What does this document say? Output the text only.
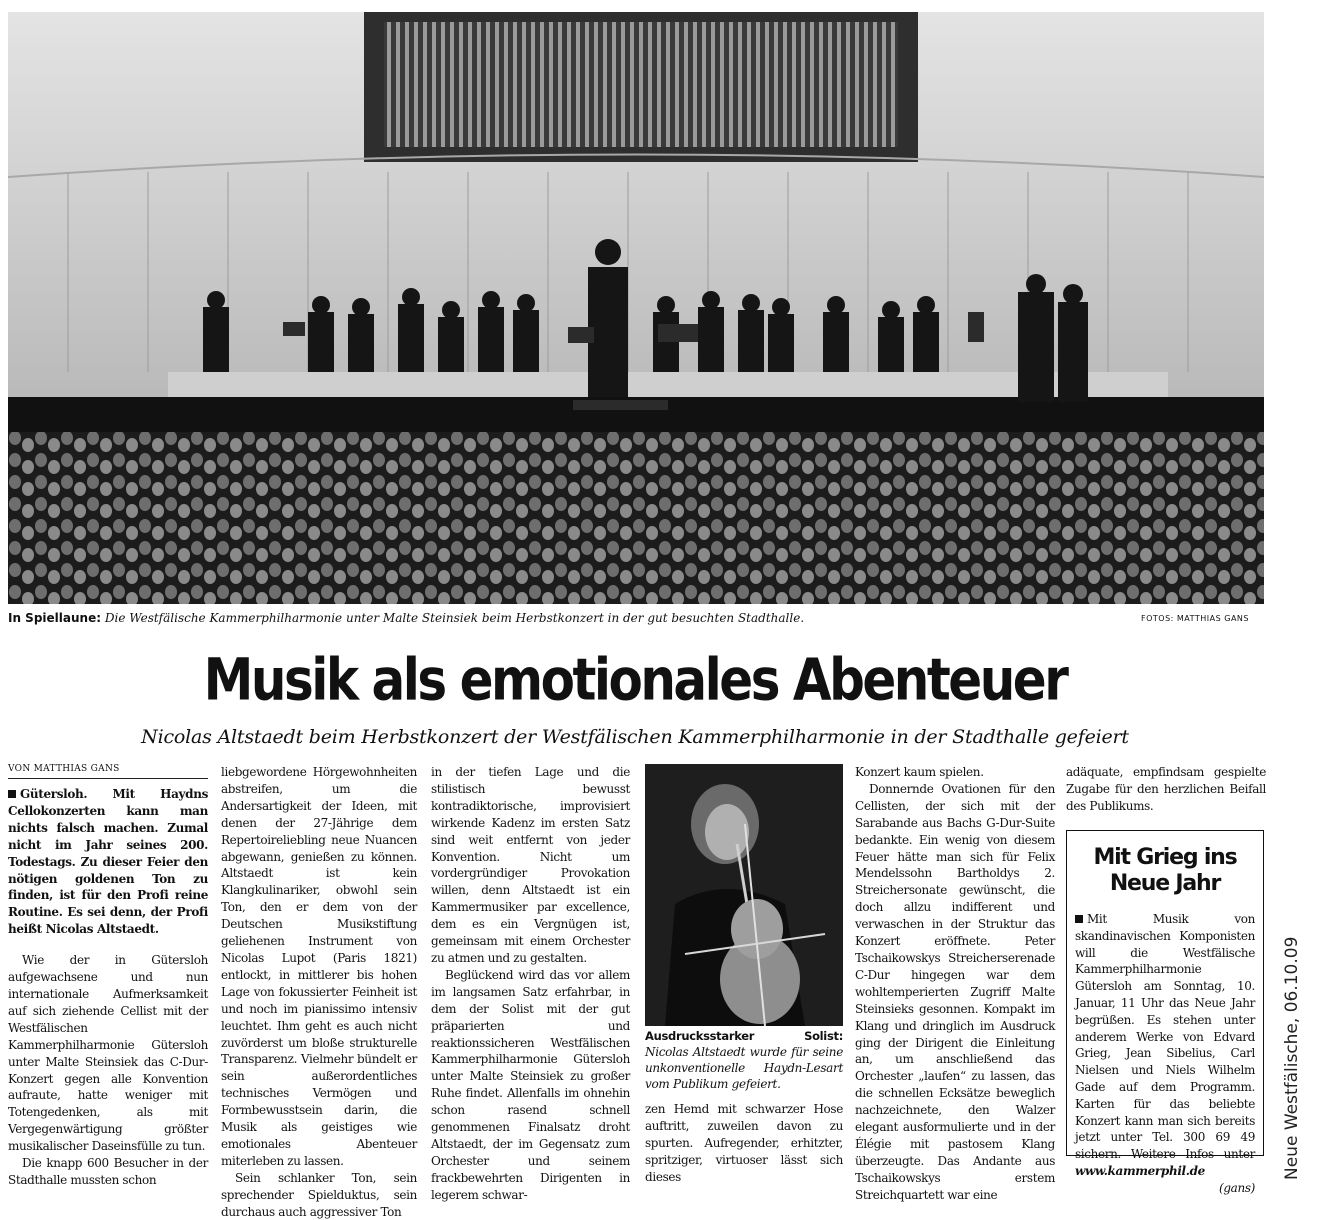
In Spiellaune: Die Westfälische Kammerphilharmonie unter Malte Steinsiek beim Herbstkonzert in der gut besuchten Stadthalle.	FOTOS: MATTHIAS GANS
Musik als emotionales Abenteuer
Nicolas Altstaedt beim Herbstkonzert der Westfälischen Kammerphilharmonie in der Stadthalle gefeiert
VON MATTHIAS GANS

Gütersloh. Mit Haydns Cellokonzerten kann man nichts falsch machen. Zumal nicht im Jahr seines 200. Todestags. Zu dieser Feier den nötigen goldenen Ton zu finden, ist für den Profi reine Routine. Es sei denn, der Profi heißt Nicolas Altstaedt.

Wie der in Gütersloh aufgewachsene und nun internationale Aufmerksamkeit auf sich ziehende Cellist mit der Westfälischen Kammerphilharmonie Gütersloh unter Malte Steinsiek das C-Dur-Konzert gegen alle Konvention aufraute, hatte weniger mit Totengedenken, als mit Vergegenwärtigung größter musikalischer Daseinsfülle zu tun.

Die knapp 600 Besucher in der Stadthalle mussten schon

liebgewordene Hörgewohnheiten abstreifen, um die Andersartigkeit der Ideen, mit denen der 27-Jährige dem Repertoireliebling neue Nuancen abgewann, genießen zu können. Altstaedt ist kein Klangkulinariker, obwohl sein Ton, den er dem von der Deutschen Musikstiftung geliehenen Instrument von Nicolas Lupot (Paris 1821) entlockt, in mittlerer bis hohen Lage von fokussierter Feinheit ist und noch im pianissimo intensiv leuchtet. Ihm geht es auch nicht zuvörderst um bloße strukturelle Transparenz. Vielmehr bündelt er sein außerordentliches technisches Vermögen und Formbewusstsein darin, die Musik als geistiges wie emotionales Abenteuer miterleben zu lassen.

Sein schlanker Ton, sein sprechender Spielduktus, sein durchaus auch aggressiver Ton

in der tiefen Lage und die stilistisch bewusst kontradiktorische, improvisiert wirkende Kadenz im ersten Satz sind weit entfernt von jeder Konvention. Nicht um vordergründiger Provokation willen, denn Altstaedt ist ein Kammermusiker par excellence, dem es ein Vergnügen ist, gemeinsam mit einem Orchester zu atmen und zu gestalten.

Beglückend wird das vor allem im langsamen Satz erfahrbar, in dem der Solist mit der gut präparierten und reaktionssicheren Westfälischen Kammerphilharmonie Gütersloh unter Malte Steinsiek zu großer Ruhe findet. Allenfalls im ohnehin schon rasend schnell genommenen Finalsatz droht Altstaedt, der im Gegensatz zum Orchester und seinem frackbewehrten Dirigenten in legerem schwar-

Ausdrucksstarker Solist: Nicolas Altstaedt wurde für seine unkonventionelle Haydn-Lesart vom Publikum gefeiert.

zen Hemd mit schwarzer Hose auftritt, zuweilen davon zu spurten. Aufregender, erhitzter, spritziger, virtuoser lässt sich dieses

Konzert kaum spielen.

Donnernde Ovationen für den Cellisten, der sich mit der Sarabande aus Bachs G-Dur-Suite bedankte. Ein wenig von diesem Feuer hätte man sich für Felix Mendelssohn Bartholdys 2. Streichersonate gewünscht, die doch allzu indifferent und verwaschen in der Struktur das Konzert eröffnete. Peter Tschaikowskys Streicherserenade C-Dur hingegen war dem wohltemperierten Zugriff Malte Steinsieks gesonnen. Kompakt im Klang und dringlich im Ausdruck ging der Dirigent die Einleitung an, um anschließend das Orchester „laufen“ zu lassen, das die schnellen Ecksätze beweglich nachzeichnete, den Walzer elegant ausformulierte und in der Élégie mit pastosem Klang überzeugte. Das Andante aus Tschaikowskys erstem Streichquartett war eine

adäquate, empfindsam gespielte Zugabe für den herzlichen Beifall des Publikums.

Mit Grieg ins
Neue Jahr
Mit Musik von skandinavischen Komponisten will die Westfälische Kammerphilharmonie Gütersloh am Sonntag, 10. Januar, 11 Uhr das Neue Jahr begrüßen. Es stehen unter anderem Werke von Edvard Grieg, Jean Sibelius, Carl Nielsen und Niels Wilhelm Gade auf dem Programm. Karten für das beliebte Konzert kann man sich bereits jetzt unter Tel. 300 69 49 sichern. Weitere Infos unter www.kammerphil.de
(gans)
Neue Westfälische, 06.10.09
